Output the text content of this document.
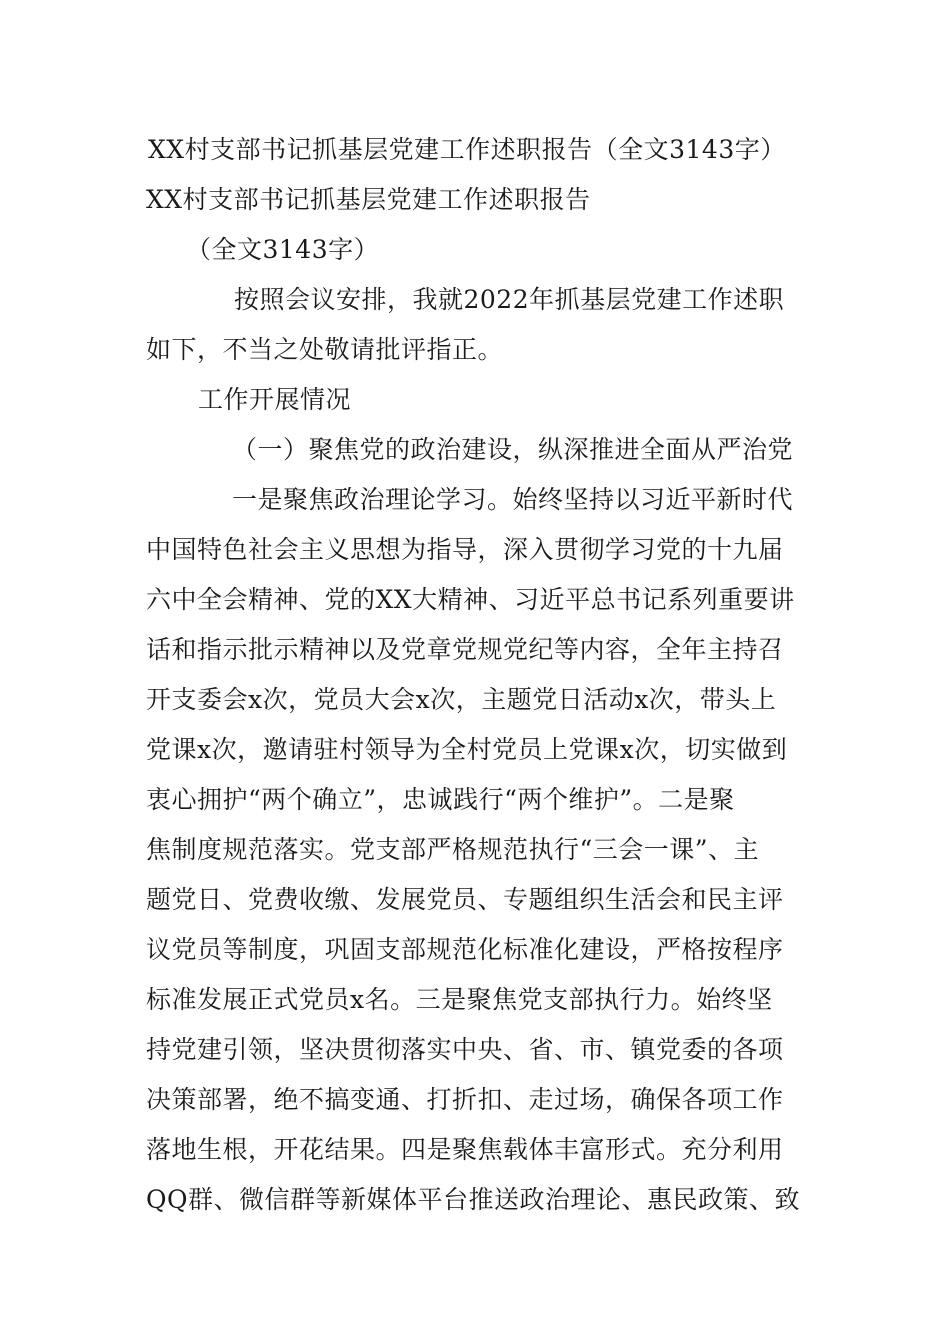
XX村支部书记抓基层党建工作述职报告（全文3143字）
XX村支部书记抓基层党建工作述职报告
（全文3143字）
按照会议安排，我就2022年抓基层党建工作述职
如下，不当之处敬请批评指正。
工作开展情况
（一）聚焦党的政治建设，纵深推进全面从严治党
一是聚焦政治理论学习。始终坚持以习近平新时代
中国特色社会主义思想为指导，深入贯彻学习党的十九届
六中全会精神、党的XX大精神、习近平总书记系列重要讲
话和指示批示精神以及党章党规党纪等内容，全年主持召
开支委会x次，党员大会x次，主题党日活动x次，带头上
党课x次，邀请驻村领导为全村党员上党课x次，切实做到
衷心拥护“两个确立”，忠诚践行“两个维护”。二是聚
焦制度规范落实。党支部严格规范执行“三会一课”、主
题党日、党费收缴、发展党员、专题组织生活会和民主评
议党员等制度，巩固支部规范化标准化建设，严格按程序
标准发展正式党员x名。三是聚焦党支部执行力。始终坚
持党建引领，坚决贯彻落实中央、省、市、镇党委的各项
决策部署，绝不搞变通、打折扣、走过场，确保各项工作
落地生根，开花结果。四是聚焦载体丰富形式。充分利用
QQ群、微信群等新媒体平台推送政治理论、惠民政策、致
